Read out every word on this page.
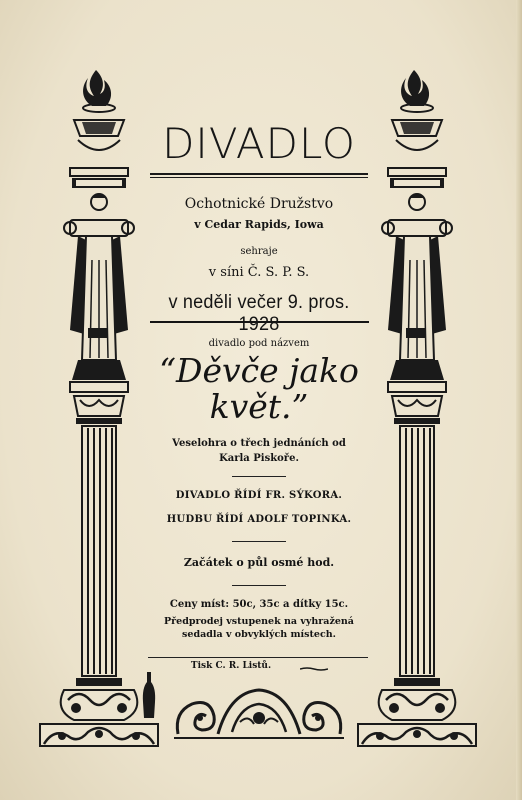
DIVADLO
Ochotnické Družstvo
v Cedar Rapids, Iowa
sehraje
v síni Č. S. P. S.
v neděli večer 9. pros. 1928
divadlo pod názvem
“Děvče jako květ.”
Veselohra o třech jednáních od
Karla Piskoře.
DIVADLO ŘÍDÍ FR. SÝKORA.
HUDBU ŘÍDÍ ADOLF TOPINKA.
Začátek o půl osmé hod.
Ceny míst: 50c, 35c a dítky 15c.
Předprodej vstupenek na vyhražená
sedadla v obvyklých místech.
Tisk C. R. Listů.
